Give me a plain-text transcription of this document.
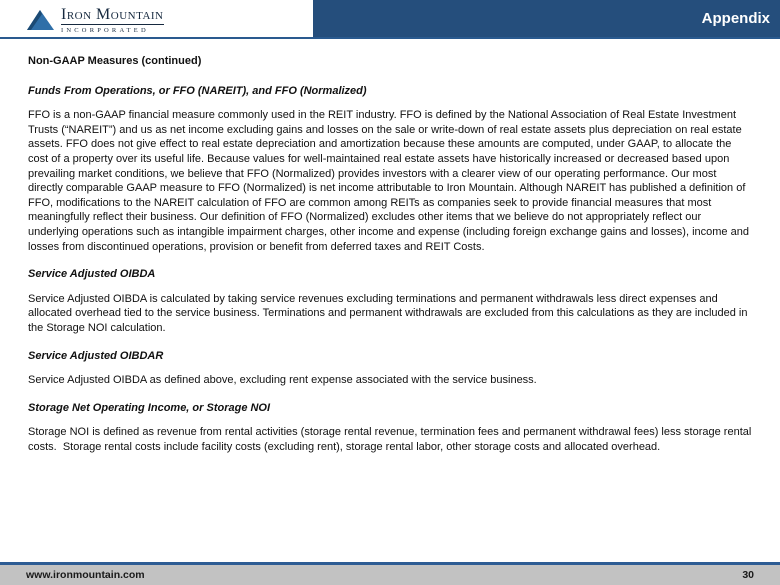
Iron Mountain
INCORPORATED
Appendix
Non-GAAP Measures (continued)
Funds From Operations, or FFO (NAREIT), and FFO (Normalized)

FFO is a non-GAAP financial measure commonly used in the REIT industry. FFO is defined by the National Association of Real Estate Investment Trusts (“NAREIT”) and us as net income excluding gains and losses on the sale or write-down of real estate assets plus depreciation on real estate assets. FFO does not give effect to real estate depreciation and amortization because these amounts are computed, under GAAP, to allocate the cost of a property over its useful life. Because values for well-maintained real estate assets have historically increased or decreased based upon prevailing market conditions, we believe that FFO (Normalized) provides investors with a clearer view of our operating performance. Our most directly comparable GAAP measure to FFO (Normalized) is net income attributable to Iron Mountain. Although NAREIT has published a definition of FFO, modifications to the NAREIT calculation of FFO are common among REITs as companies seek to provide financial measures that most meaningfully reflect their business. Our definition of FFO (Normalized) excludes other items that we believe do not appropriately reflect our underlying operations such as intangible impairment charges, other income and expense (including foreign exchange gains and losses), income and losses from discontinued operations, provision or benefit from deferred taxes and REIT Costs.

Service Adjusted OIBDA

Service Adjusted OIBDA is calculated by taking service revenues excluding terminations and permanent withdrawals less direct expenses and allocated overhead tied to the service business. Terminations and permanent withdrawals are excluded from this calculations as they are included in the Storage NOI calculation.

Service Adjusted OIBDAR

Service Adjusted OIBDA as defined above, excluding rent expense associated with the service business.

Storage Net Operating Income, or Storage NOI

Storage NOI is defined as revenue from rental activities (storage rental revenue, termination fees and permanent withdrawal fees) less storage rental costs.  Storage rental costs include facility costs (excluding rent), storage rental labor, other storage costs and allocated overhead.

www.ironmountain.com	30
